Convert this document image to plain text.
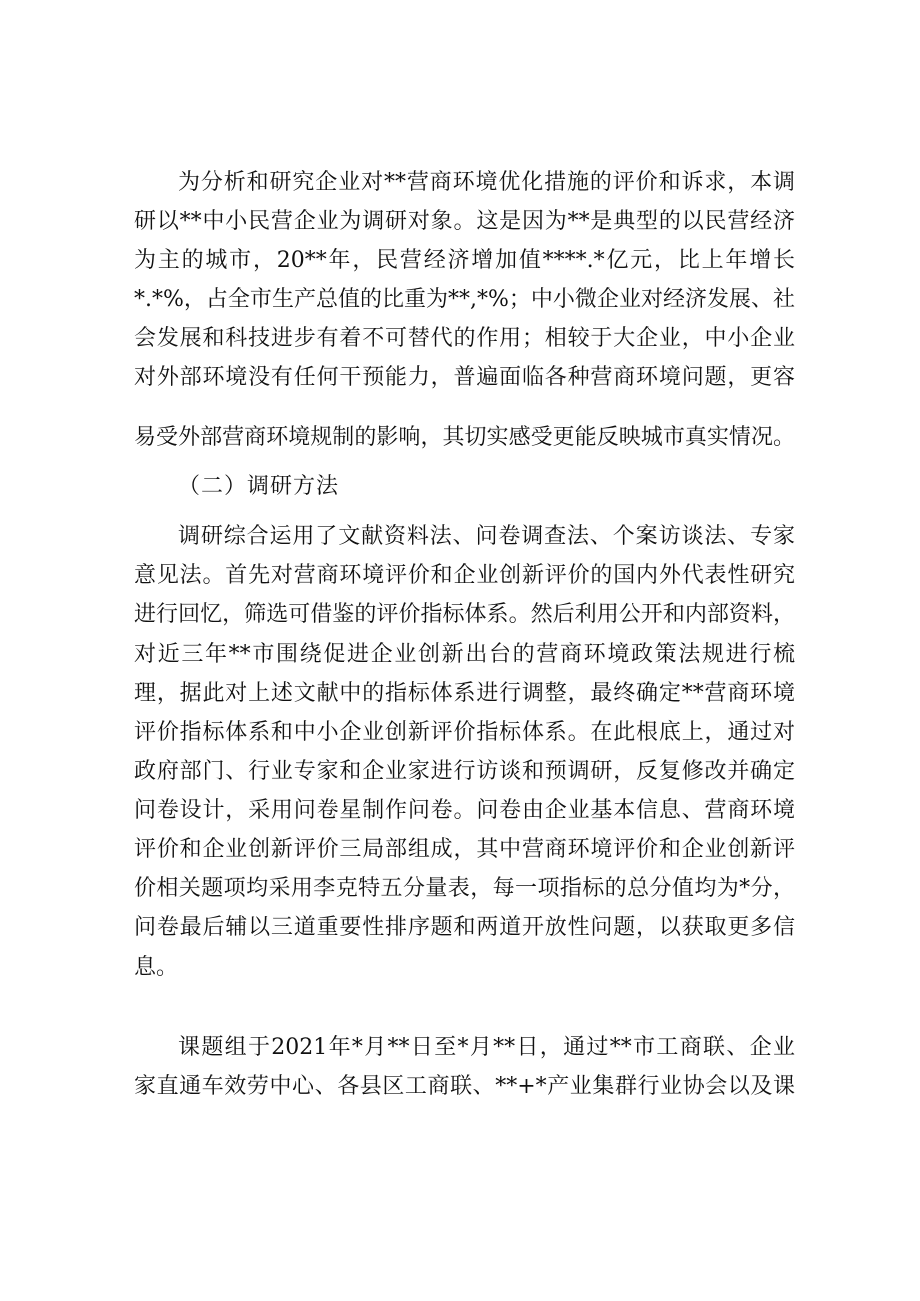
为分析和研究企业对**营商环境优化措施的评价和诉求，本调

研以**中小民营企业为调研对象。这是因为**是典型的以民营经济

为主的城市，20**年，民营经济增加值****.*亿元，比上年增长

*.*%，占全市生产总值的比重为**,*%；中小微企业对经济发展、社

会发展和科技进步有着不可替代的作用；相较于大企业，中小企业

对外部环境没有任何干预能力，普遍面临各种营商环境问题，更容

易受外部营商环境规制的影响，其切实感受更能反映城市真实情况。

（二）调研方法

调研综合运用了文献资料法、问卷调查法、个案访谈法、专家

意见法。首先对营商环境评价和企业创新评价的国内外代表性研究

进行回忆，筛选可借鉴的评价指标体系。然后利用公开和内部资料，

对近三年**市围绕促进企业创新出台的营商环境政策法规进行梳

理，据此对上述文献中的指标体系进行调整，最终确定**营商环境

评价指标体系和中小企业创新评价指标体系。在此根底上，通过对

政府部门、行业专家和企业家进行访谈和预调研，反复修改并确定

问卷设计，采用问卷星制作问卷。问卷由企业基本信息、营商环境

评价和企业创新评价三局部组成，其中营商环境评价和企业创新评

价相关题项均采用李克特五分量表，每一项指标的总分值均为*分，

问卷最后辅以三道重要性排序题和两道开放性问题，以获取更多信

息。

课题组于2021年*月**日至*月**日，通过**市工商联、企业

家直通车效劳中心、各县区工商联、**+*产业集群行业协会以及课
